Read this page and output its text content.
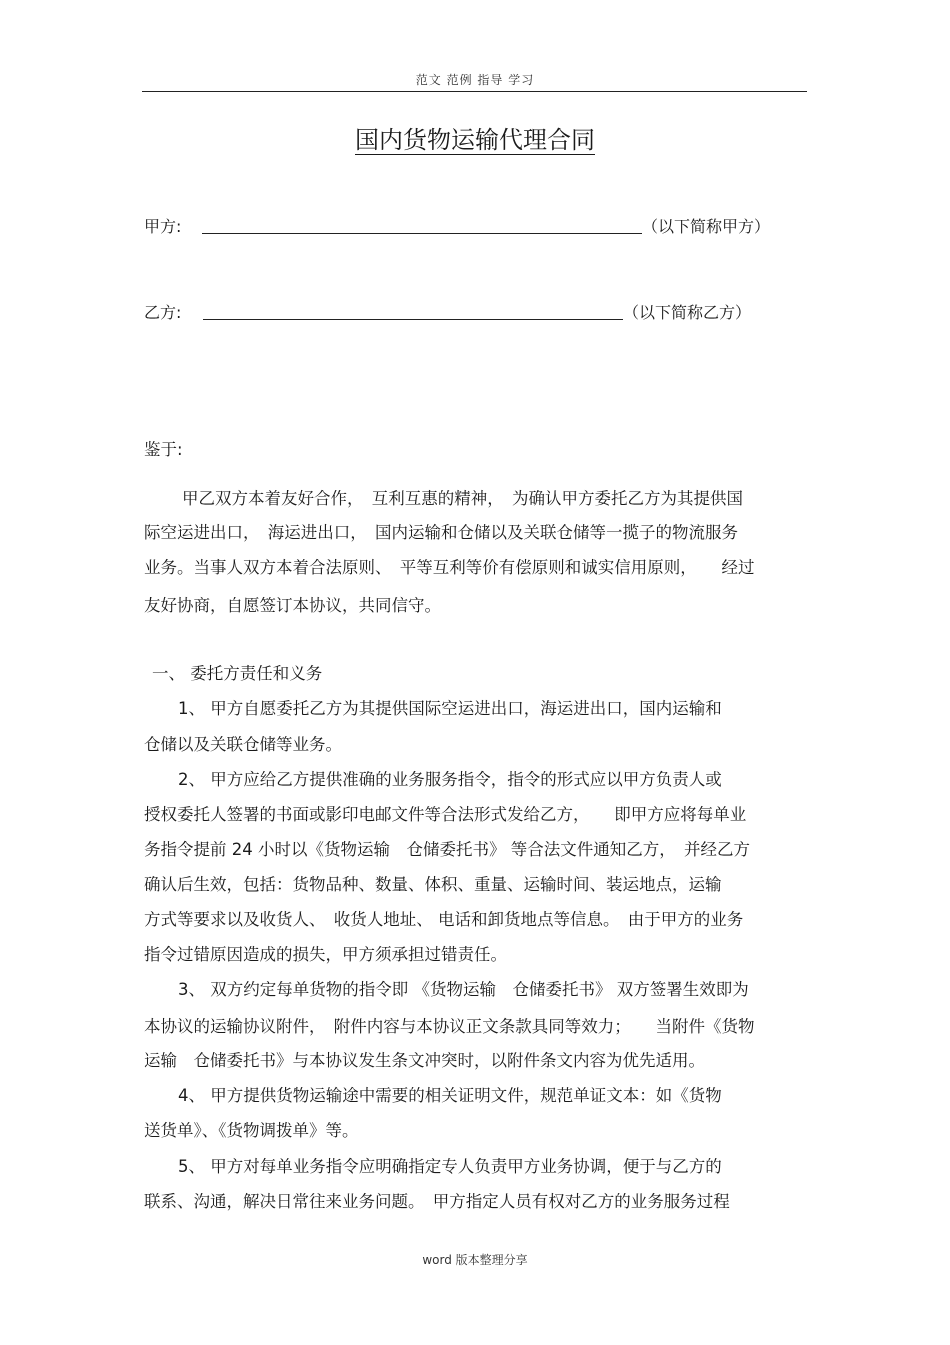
范文 范例 指导 学习
国内货物运输代理合同
甲方:	（以下简称甲方）
乙方:	（以下简称乙方）
鉴于:
甲乙双方本着友好合作，　互利互惠的精神，　为确认甲方委托乙方为其提供国
际空运进出口，　海运进出口，　国内运输和仓储以及关联仓储等一揽子的物流服务
业务。当事人双方本着合法原则、　平等互利等价有偿原则和诚实信用原则，　　经过
友好协商，自愿签订本协议，共同信守。
一、 委托方责任和义务
1、 甲方自愿委托乙方为其提供国际空运进出口，海运进出口，国内运输和
仓储以及关联仓储等业务。
2、 甲方应给乙方提供准确的业务服务指令，指令的形式应以甲方负责人或
授权委托人签署的书面或影印电邮文件等合法形式发给乙方，　　即甲方应将每单业
务指令提前 24 小时以《货物运输　仓储委托书》 等合法文件通知乙方，　并经乙方
确认后生效，包括：货物品种、数量、体积、重量、运输时间、装运地点，运输
方式等要求以及收货人、　收货人地址、 电话和卸货地点等信息。　由于甲方的业务
指令过错原因造成的损失，甲方须承担过错责任。
3、 双方约定每单货物的指令即 《货物运输　仓储委托书》 双方签署生效即为
本协议的运输协议附件，　附件内容与本协议正文条款具同等效力；　　当附件《货物
运输　仓储委托书》与本协议发生条文冲突时，以附件条文内容为优先适用。
4、 甲方提供货物运输途中需要的相关证明文件，规范单证文本：如《货物
送货单》、《货物调拨单》等。
5、 甲方对每单业务指令应明确指定专人负责甲方业务协调，便于与乙方的
联系、沟通，解决日常往来业务问题。　甲方指定人员有权对乙方的业务服务过程
word 版本整理分享
